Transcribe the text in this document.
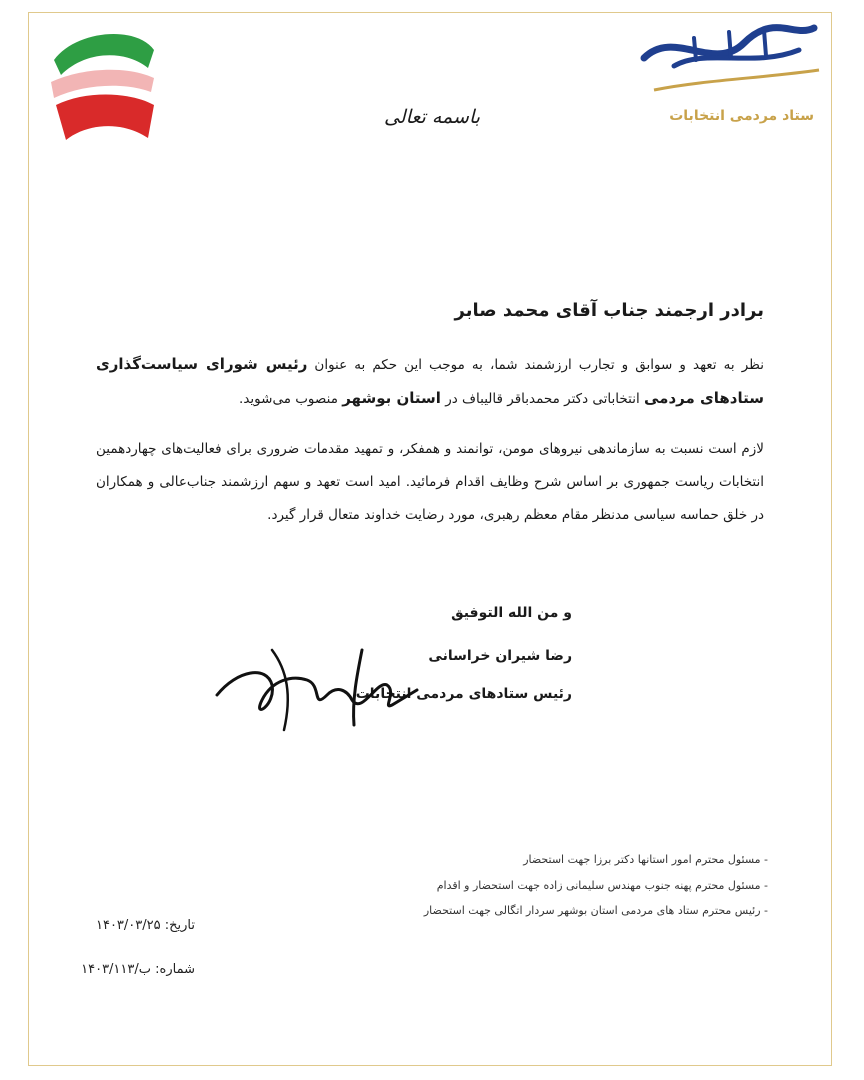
ستاد مردمی انتخابات
باسمه تعالی
برادر ارجمند جناب آقای محمد صابر
نظر به تعهد و سوابق و تجارب ارزشمند شما، به موجب این حکم به عنوان رئیس شورای سیاست‌گذاری ستادهای مردمی انتخاباتی دکتر محمدباقر قالیباف در استان بوشهر منصوب می‌شوید.
لازم است نسبت به سازماندهی نیروهای مومن، توانمند و همفکر، و تمهید مقدمات ضروری برای فعالیت‌های چهاردهمین انتخابات ریاست جمهوری بر اساس شرح وظایف اقدام فرمائید. امید است تعهد و سهم ارزشمند جناب‌عالی و همکاران در خلق حماسه سیاسی مدنظر مقام معظم رهبری، مورد رضایت خداوند متعال قرار گیرد.
و من الله التوفیق
رضا شیران خراسانی
رئیس ستادهای مردمی انتخابات
- مسئول محترم امور استانها دکتر برزا جهت استحضار
- مسئول محترم پهنه جنوب مهندس سلیمانی زاده جهت استحضار و اقدام
- رئیس محترم ستاد های مردمی استان بوشهر سردار اتگالی جهت استحضار
تاریخ: ۱۴۰۳/۰۳/۲۵
شماره: ب/۱۴۰۳/۱۱۳
